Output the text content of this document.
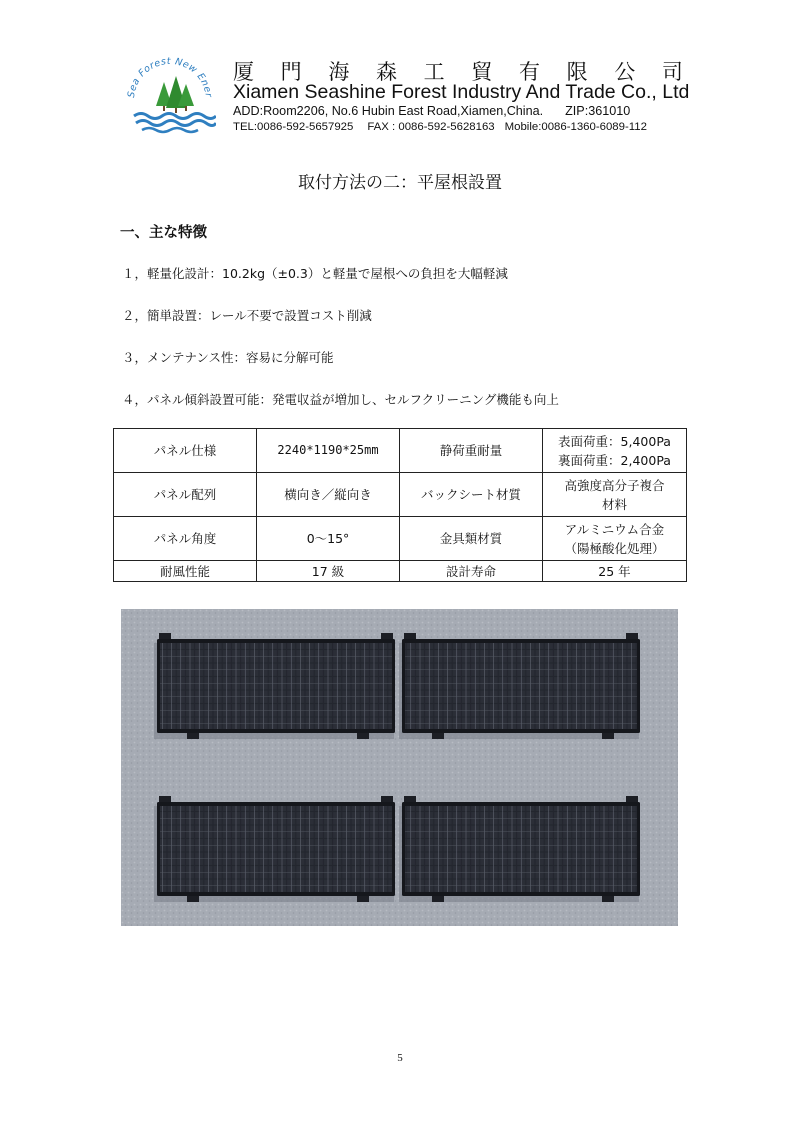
Sea Forest New Ener
厦 門 海 森 工 貿 有 限 公 司
Xiamen Seashine Forest Industry And Trade Co., Ltd
ADD:Room2206, No.6 Hubin East Road,Xiamen,China. ZIP:361010
TEL:0086-592-5657925 FAX : 0086-592-5628163 Mobile:0086-1360-6089-112
取付方法の二：平屋根設置
一、主な特徴
１，軽量化設計：10.2kg（±0.3）と軽量で屋根への負担を大幅軽減
２，簡単設置：レール不要で設置コスト削減
３，メンテナンス性：容易に分解可能
４，パネル傾斜設置可能：発電収益が増加し、セルフクリーニング機能も向上
パネル仕様	2240*1190*25mm	静荷重耐量	表面荷重：5,400Pa
裏面荷重：2,400Pa

パネル配列	横向き／縦向き	バックシート材質	高強度高分子複合
材料

パネル角度	0～15°	金具類材質	アルミニウム合金
（陽極酸化処理）

耐風性能	17 級	設計寿命	25 年
5
